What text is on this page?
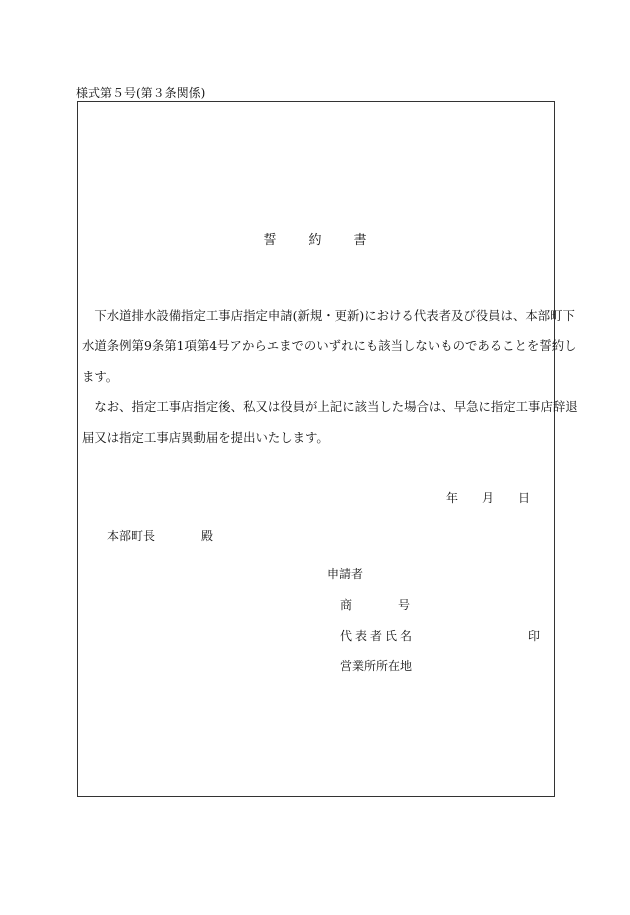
様式第５号(第３条関係)
誓 約 書
　下水道排水設備指定工事店指定申請(新規・更新)における代表者及び役員は、本部町下
水道条例第9条第1項第4号アからエまでのいずれにも該当しないものであることを誓約し
ます。
　なお、指定工事店指定後、私又は役員が上記に該当した場合は、早急に指定工事店辞退
届又は指定工事店異動届を提出いたします。
年 月 日
本部町長	殿
申請者
商	号
代表者氏名	印
営業所所在地
